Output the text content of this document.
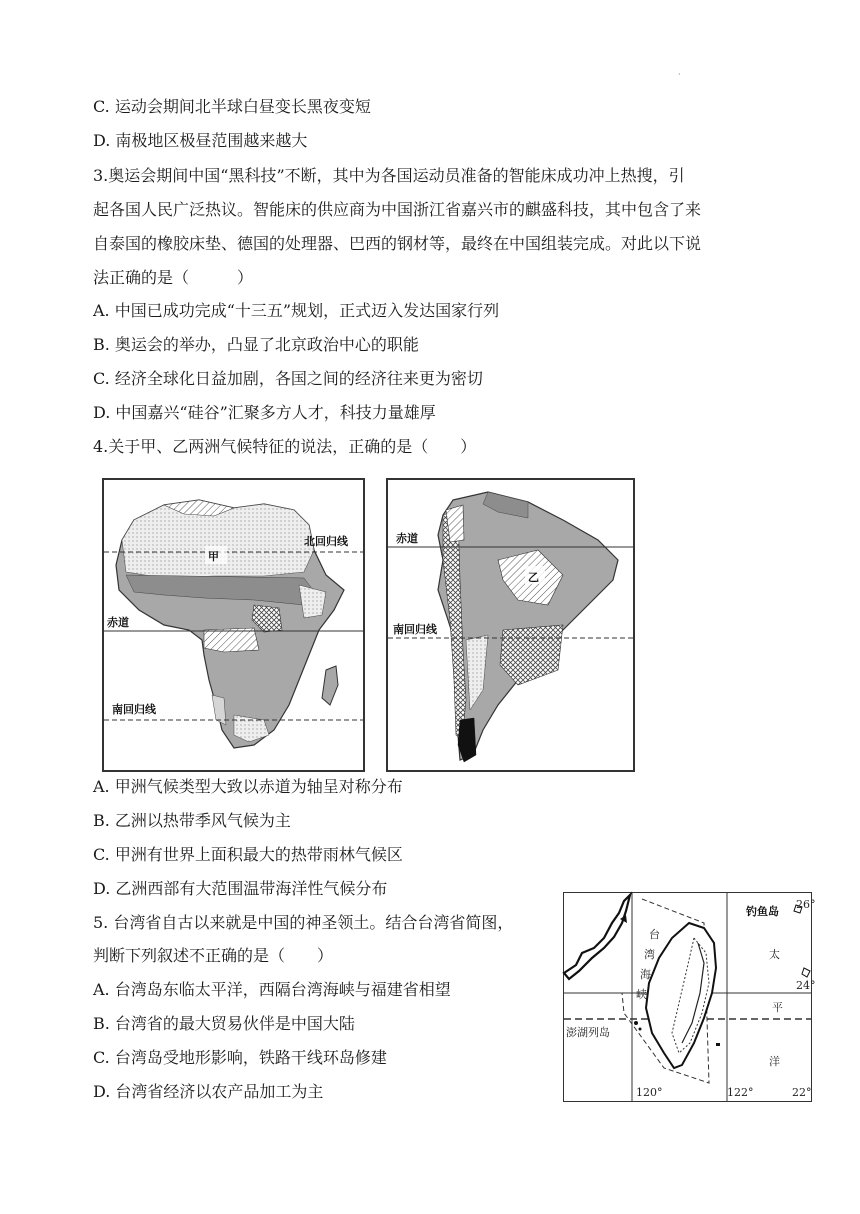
·
C. 运动会期间北半球白昼变长黑夜变短
D. 南极地区极昼范围越来越大
3.奥运会期间中国“黑科技”不断，其中为各国运动员准备的智能床成功冲上热搜，引
起各国人民广泛热议。智能床的供应商为中国浙江省嘉兴市的麒盛科技，其中包含了来
自泰国的橡胶床垫、德国的处理器、巴西的钢材等，最终在中国组装完成。对此以下说
法正确的是（　　　）
A. 中国已成功完成“十三五”规划，正式迈入发达国家行列
B. 奥运会的举办，凸显了北京政治中心的职能
C. 经济全球化日益加剧，各国之间的经济往来更为密切
D. 中国嘉兴“硅谷”汇聚多方人才，科技力量雄厚
4.关于甲、乙两洲气候特征的说法，正确的是（　　）
甲
北回归线
赤道
南回归线
乙
赤道
南回归线
A. 甲洲气候类型大致以赤道为轴呈对称分布
B. 乙洲以热带季风气候为主
C. 甲洲有世界上面积最大的热带雨林气候区
D. 乙洲西部有大范围温带海洋性气候分布
5. 台湾省自古以来就是中国的神圣领土。结合台湾省简图，
判断下列叙述不正确的是（　　）
A. 台湾岛东临太平洋，西隔台湾海峡与福建省相望
B. 台湾省的最大贸易伙伴是中国大陆
C. 台湾岛受地形影响，铁路干线环岛修建
D. 台湾省经济以农产品加工为主
钓鱼岛
26°
24°
22°
120°	122°
太
平
洋
台
湾
海
峡
澎湖列岛
